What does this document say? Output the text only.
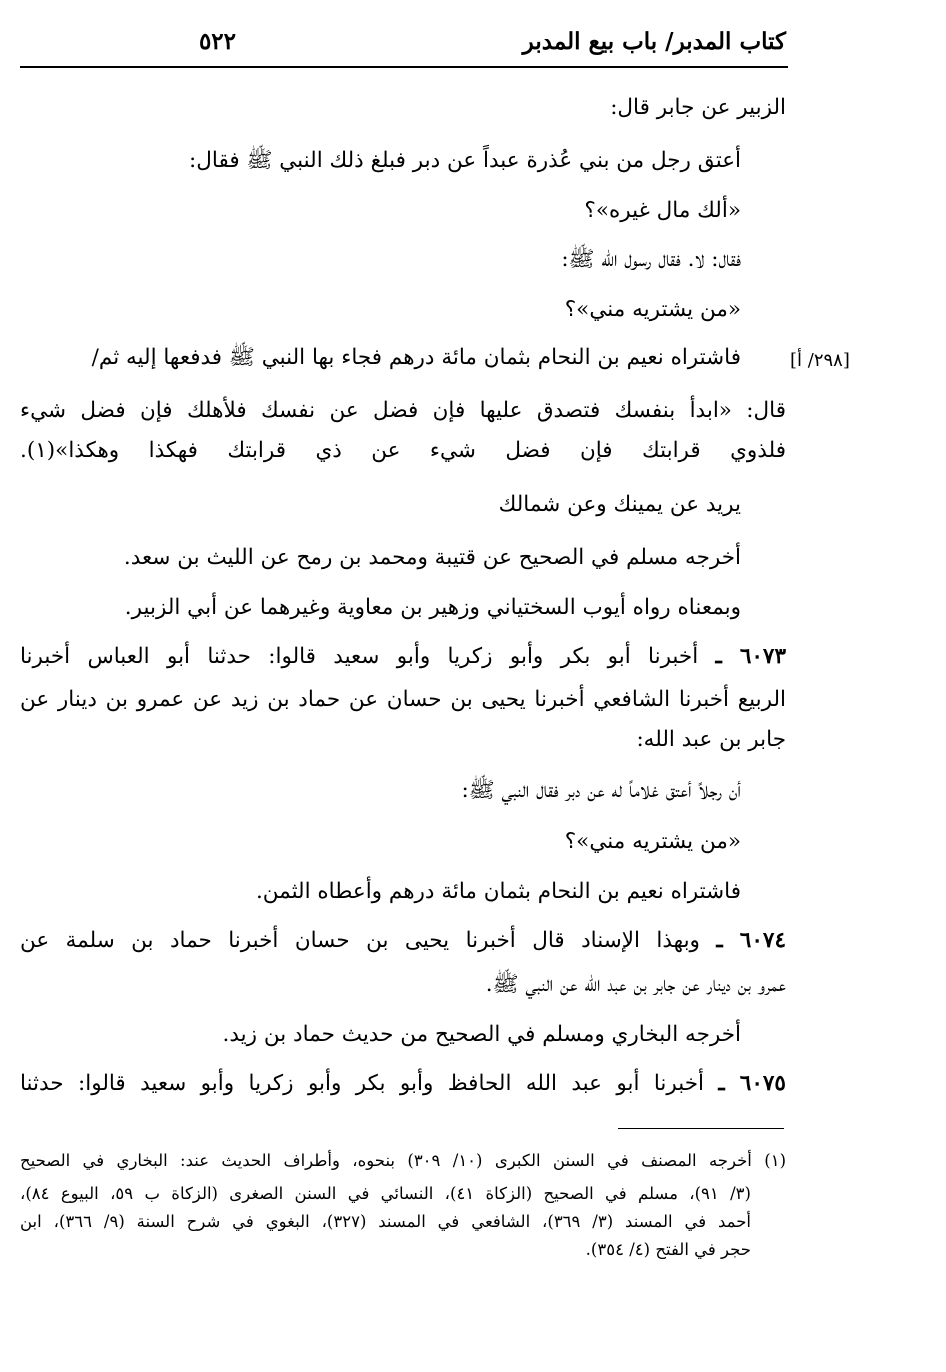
كتاب المدبر/ باب بيع المدبر
٥٢٢
[٢٩٨/ أ]
الزبير عن جابر قال:
أعتق رجل من بني عُذرة عبداً عن دبر فبلغ ذلك النبي ﷺ فقال:
«ألك مال غيره»؟
فقال: لا. فقال رسول الله ﷺ:
«من يشتريه مني»؟
فاشتراه نعيم بن النحام بثمان مائة درهم فجاء بها النبي ﷺ فدفعها إليه ثم/
قال: «ابدأ بنفسك فتصدق عليها فإن فضل عن نفسك فلأهلك فإن فضل شيء
فلذوي قرابتك فإن فضل شيء عن ذي قرابتك فهكذا وهكذا»(١).
يريد عن يمينك وعن شمالك
أخرجه مسلم في الصحيح عن قتيبة ومحمد بن رمح عن الليث بن سعد.
وبمعناه رواه أيوب السختياني وزهير بن معاوية وغيرهما عن أبي الزبير.
٦٠٧٣ ـ أخبرنا أبو بكر وأبو زكريا وأبو سعيد قالوا: حدثنا أبو العباس أخبرنا
الربيع أخبرنا الشافعي أخبرنا يحيى بن حسان عن حماد بن زيد عن عمرو بن دينار عن
جابر بن عبد الله:
أن رجلاً أعتق غلاماً له عن دبر فقال النبي ﷺ:
«من يشتريه مني»؟
فاشتراه نعيم بن النحام بثمان مائة درهم وأعطاه الثمن.
٦٠٧٤ ـ وبهذا الإسناد قال أخبرنا يحيى بن حسان أخبرنا حماد بن سلمة عن
عمرو بن دينار عن جابر بن عبد الله عن النبي ﷺ.
أخرجه البخاري ومسلم في الصحيح من حديث حماد بن زيد.
٦٠٧٥ ـ أخبرنا أبو عبد الله الحافظ وأبو بكر وأبو زكريا وأبو سعيد قالوا: حدثنا
(١) أخرجه المصنف في السنن الكبرى (١٠/ ٣٠٩) بنحوه، وأطراف الحديث عند: البخاري في الصحيح
(٣/ ٩١)، مسلم في الصحيح (الزكاة ٤١)، النسائي في السنن الصغرى (الزكاة ب ٥٩، البيوع ٨٤)،
أحمد في المسند (٣/ ٣٦٩)، الشافعي في المسند (٣٢٧)، البغوي في شرح السنة (٩/ ٣٦٦)، ابن
حجر في الفتح (٤/ ٣٥٤).
